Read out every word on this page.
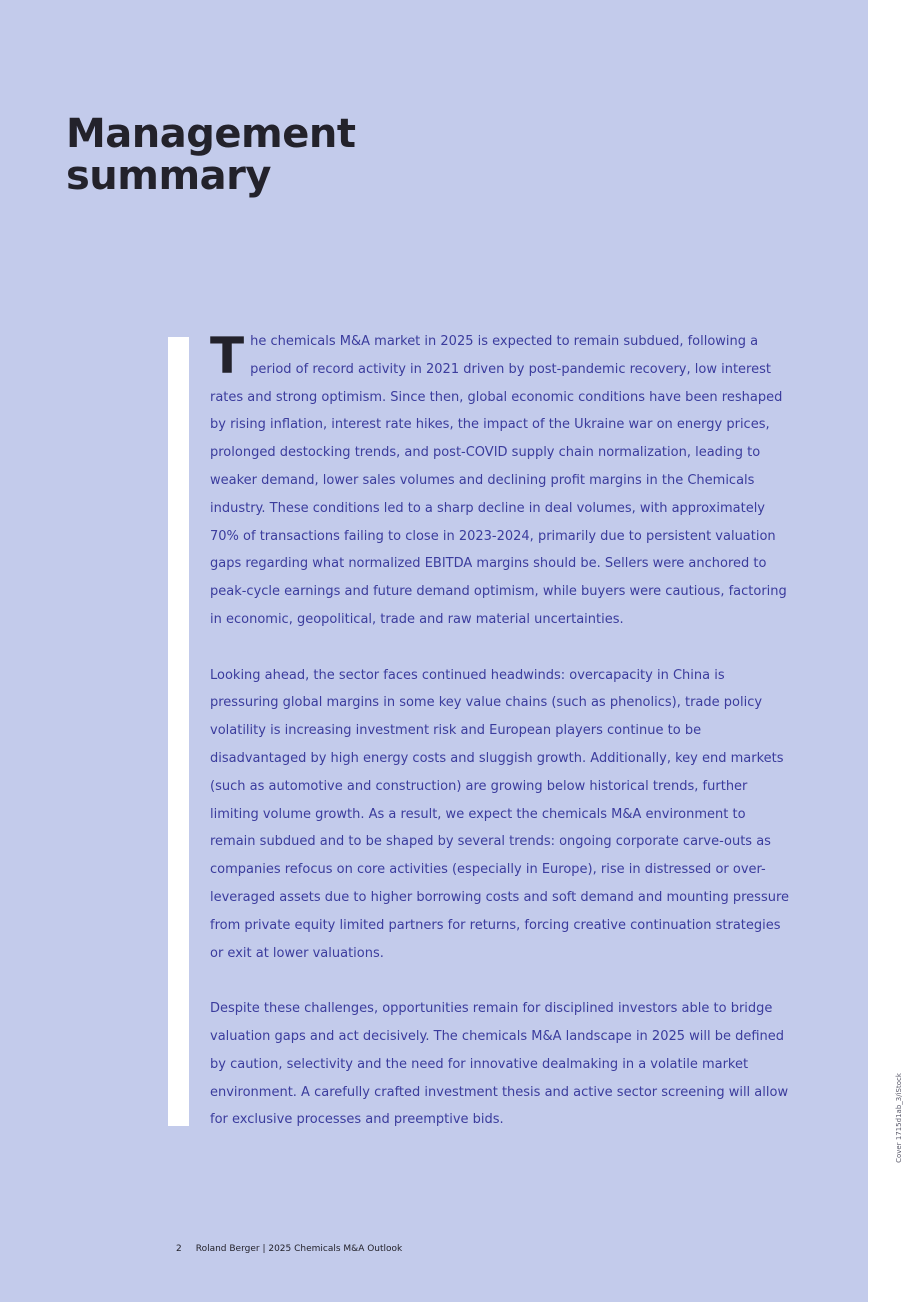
Management
summary

The chemicals M&A market in 2025 is expected to remain subdued, following a period of record activity in 2021 driven by post-pandemic recovery, low interest rates and strong optimism. Since then, global economic conditions have been reshaped by rising inflation, interest rate hikes, the impact of the Ukraine war on energy prices, prolonged destocking trends, and post-COVID supply chain normalization, leading to weaker demand, lower sales volumes and declining profit margins in the Chemicals industry. These conditions led to a sharp decline in deal volumes, with approximately 70% of transactions failing to close in 2023-2024, primarily due to persistent valuation gaps regarding what normalized EBITDA margins should be. Sellers were anchored to peak-cycle earnings and future demand optimism, while buyers were cautious, factoring in economic, geopolitical, trade and raw material uncertainties.

Looking ahead, the sector faces continued headwinds: overcapacity in China is pressuring global margins in some key value chains (such as phenolics), trade policy volatility is increasing investment risk and European players continue to be disadvantaged by high energy costs and sluggish growth. Additionally, key end markets (such as automotive and construction) are growing below historical trends, further limiting volume growth. As a result, we expect the chemicals M&A environment to remain subdued and to be shaped by several trends: ongoing corporate carve-outs as companies refocus on core activities (especially in Europe), rise in distressed or over-leveraged assets due to higher borrowing costs and soft demand and mounting pressure from private equity limited partners for returns, forcing creative continuation strategies or exit at lower valuations.

Despite these challenges, opportunities remain for disciplined investors able to bridge valuation gaps and act decisively. The chemicals M&A landscape in 2025 will be defined by caution, selectivity and the need for innovative dealmaking in a volatile market environment. A carefully crafted investment thesis and active sector screening will allow for exclusive processes and preemptive bids.

2 Roland Berger | 2025 Chemicals M&A Outlook
Cover 1715d1ab_3/iStock
